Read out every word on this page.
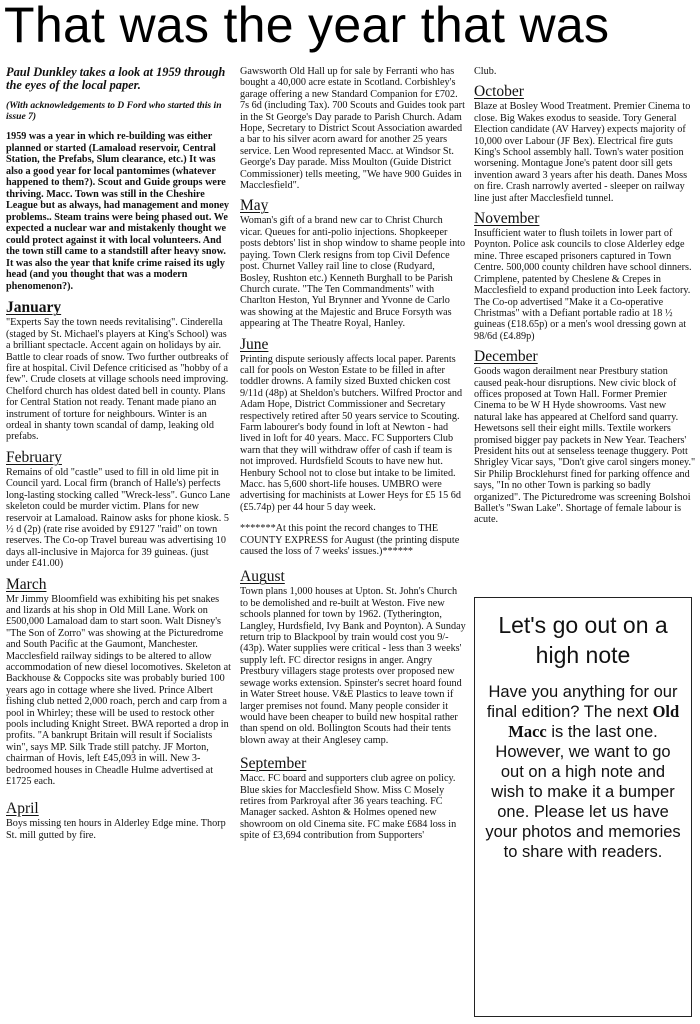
That was the year that was
Paul Dunkley takes a look at 1959 through the eyes of the local paper.
(With acknowledgements to D Ford who started this in issue 7)
1959 was a year in which re-building was either planned or started (Lamaload reservoir, Central Station, the Prefabs, Slum clearance, etc.) It was also a good year for local pantomimes (whatever happened to them?). Scout and Guide groups were thriving. Macc. Town was still in the Cheshire League but as always, had management and money problems.. Steam trains were being phased out. We expected a nuclear war and mistakenly thought we could protect against it with local volunteers. And the town still came to a standstill after heavy snow. It was also the year that knife crime raised its ugly head (and you thought that was a modern phenomenon?).
January

"Experts Say the town needs revitalising". Cinderella (staged by St. Michael's players at King's School) was a brilliant spectacle. Accent again on holidays by air. Battle to clear roads of snow. Two further outbreaks of fire at hospital. Civil Defence criticised as "hobby of a few". Crude closets at village schools need improving. Chelford church has oldest dated bell in county. Plans for Central Station not ready. Tenant made piano an instrument of torture for neighbours. Winter is an ordeal in shanty town scandal of damp, leaking old prefabs.

February

Remains of old "castle" used to fill in old lime pit in Council yard. Local firm (branch of Halle's) perfects long-lasting stocking called "Wreck-less". Gunco Lane skeleton could be murder victim. Plans for new reservoir at Lamaload. Rainow asks for phone kiosk. 5 ½ d (2p) (rate rise avoided by £9127 "raid" on town reserves. The Co-op Travel bureau was advertising 10 days all-inclusive in Majorca for 39 guineas. (just under £41.00)

March

Mr Jimmy Bloomfield was exhibiting his pet snakes and lizards at his shop in Old Mill Lane. Work on £500,000 Lamaload dam to start soon. Walt Disney's "The Son of Zorro" was showing at the Picturedrome and South Pacific at the Gaumont, Manchester. Macclesfield railway sidings to be altered to allow accommodation of new diesel locomotives. Skeleton at Backhouse & Coppocks site was probably buried 100 years ago in cottage where she lived. Prince Albert fishing club netted 2,000 roach, perch and carp from a pool in Whirley; these will be used to restock other pools including Knight Street. BWA reported a drop in profits. "A bankrupt Britain will result if Socialists win", says MP. Silk Trade still patchy. JF Morton, chairman of Hovis, left £45,093 in will. New 3-bedroomed houses in Cheadle Hulme advertised at £1725 each.

April

Boys missing ten hours in Alderley Edge mine. Thorp St. mill gutted by fire.

Gawsworth Old Hall up for sale by Ferranti who has bought a 40,000 acre estate in Scotland. Corbishley's garage offering a new Standard Companion for £702. 7s 6d (including Tax). 700 Scouts and Guides took part in the St George's Day parade to Parish Church. Adam Hope, Secretary to District Scout Association awarded a bar to his silver acorn award for another 25 years service. Len Wood represented Macc. at Windsor St. George's Day parade. Miss Moulton (Guide District Commissioner) tells meeting, "We have 900 Guides in Macclesfield".

May

Woman's gift of a brand new car to Christ Church vicar. Queues for anti-polio injections. Shopkeeper posts debtors' list in shop window to shame people into paying. Town Clerk resigns from top Civil Defence post. Churnet Valley rail line to close (Rudyard, Bosley, Rushton etc.) Kenneth Burghall to be Parish Church curate. "The Ten Commandments" with Charlton Heston, Yul Brynner and Yvonne de Carlo was showing at the Majestic and Bruce Forsyth was appearing at The Theatre Royal, Hanley.

June

Printing dispute seriously affects local paper. Parents call for pools on Weston Estate to be filled in after toddler drowns. A family sized Buxted chicken cost 9/11d (48p) at Sheldon's butchers. Wilfred Proctor and Adam Hope, District Commissioner and Secretary respectively retired after 50 years service to Scouting. Farm labourer's body found in loft at Newton - had lived in loft for 40 years. Macc. FC Supporters Club warn that they will withdraw offer of cash if team is not improved. Hurdsfield Scouts to have new hut. Henbury School not to close but intake to be limited. Macc. has 5,600 short-life houses. UMBRO were advertising for machinists at Lower Heys for £5 15 6d (£5.74p) per 44 hour 5 day week.

*******At this point the record changes to THE COUNTY EXPRESS for August (the printing dispute caused the loss of 7 weeks' issues.)******

August

Town plans 1,000 houses at Upton. St. John's Church to be demolished and re-built at Weston. Five new schools planned for town by 1962. (Tytherington, Langley, Hurdsfield, Ivy Bank and Poynton). A Sunday return trip to Blackpool by train would cost you 9/- (43p). Water supplies were critical - less than 3 weeks' supply left. FC director resigns in anger. Angry Prestbury villagers stage protests over proposed new sewage works extension. Spinster's secret hoard found in Water Street house. V&E Plastics to leave town if larger premises not found. Many people consider it would have been cheaper to build new hospital rather than spend on old. Bollington Scouts had their tents blown away at their Anglesey camp.

September

Macc. FC board and supporters club agree on policy. Blue skies for Macclesfield Show. Miss C Mosely retires from Parkroyal after 36 years teaching. FC Manager sacked. Ashton & Holmes opened new showroom on old Cinema site. FC make £684 loss in spite of £3,694 contribution from Supporters'

Club.

October

Blaze at Bosley Wood Treatment. Premier Cinema to close. Big Wakes exodus to seaside. Tory General Election candidate (AV Harvey) expects majority of 10,000 over Labour (JF Bex). Electrical fire guts King's School assembly hall. Town's water position worsening. Montague Jone's patent door sill gets invention award 3 years after his death. Danes Moss on fire. Crash narrowly averted - sleeper on railway line just after Macclesfield tunnel.

November

Insufficient water to flush toilets in lower part of Poynton. Police ask councils to close Alderley edge mine. Three escaped prisoners captured in Town Centre. 500,000 county children have school dinners. Crimplene, patented by Cheslene & Crepes in Macclesfield to expand production into Leek factory. The Co-op advertised "Make it a Co-operative Christmas" with a Defiant portable radio at 18 ½ guineas (£18.65p) or a men's wool dressing gown at 98/6d (£4.89p)

December

Goods wagon derailment near Prestbury station caused peak-hour disruptions. New civic block of offices proposed at Town Hall. Former Premier Cinema to be W H Hyde showrooms. Vast new natural lake has appeared at Chelford sand quarry. Hewetsons sell their eight mills. Textile workers promised bigger pay packets in New Year. Teachers' President hits out at senseless teenage thuggery. Pott Shrigley Vicar says, "Don't give carol singers money." Sir Philip Brocklehurst fined for parking offence and says, "In no other Town is parking so badly organized". The Picturedrome was screening Bolshoi Ballet's "Swan Lake". Shortage of female labour is acute.

Let's go out on a high note
Have you anything for our final edition? The next Old Macc is the last one. However, we want to go out on a high note and wish to make it a bumper one. Please let us have your photos and memories to share with readers.
